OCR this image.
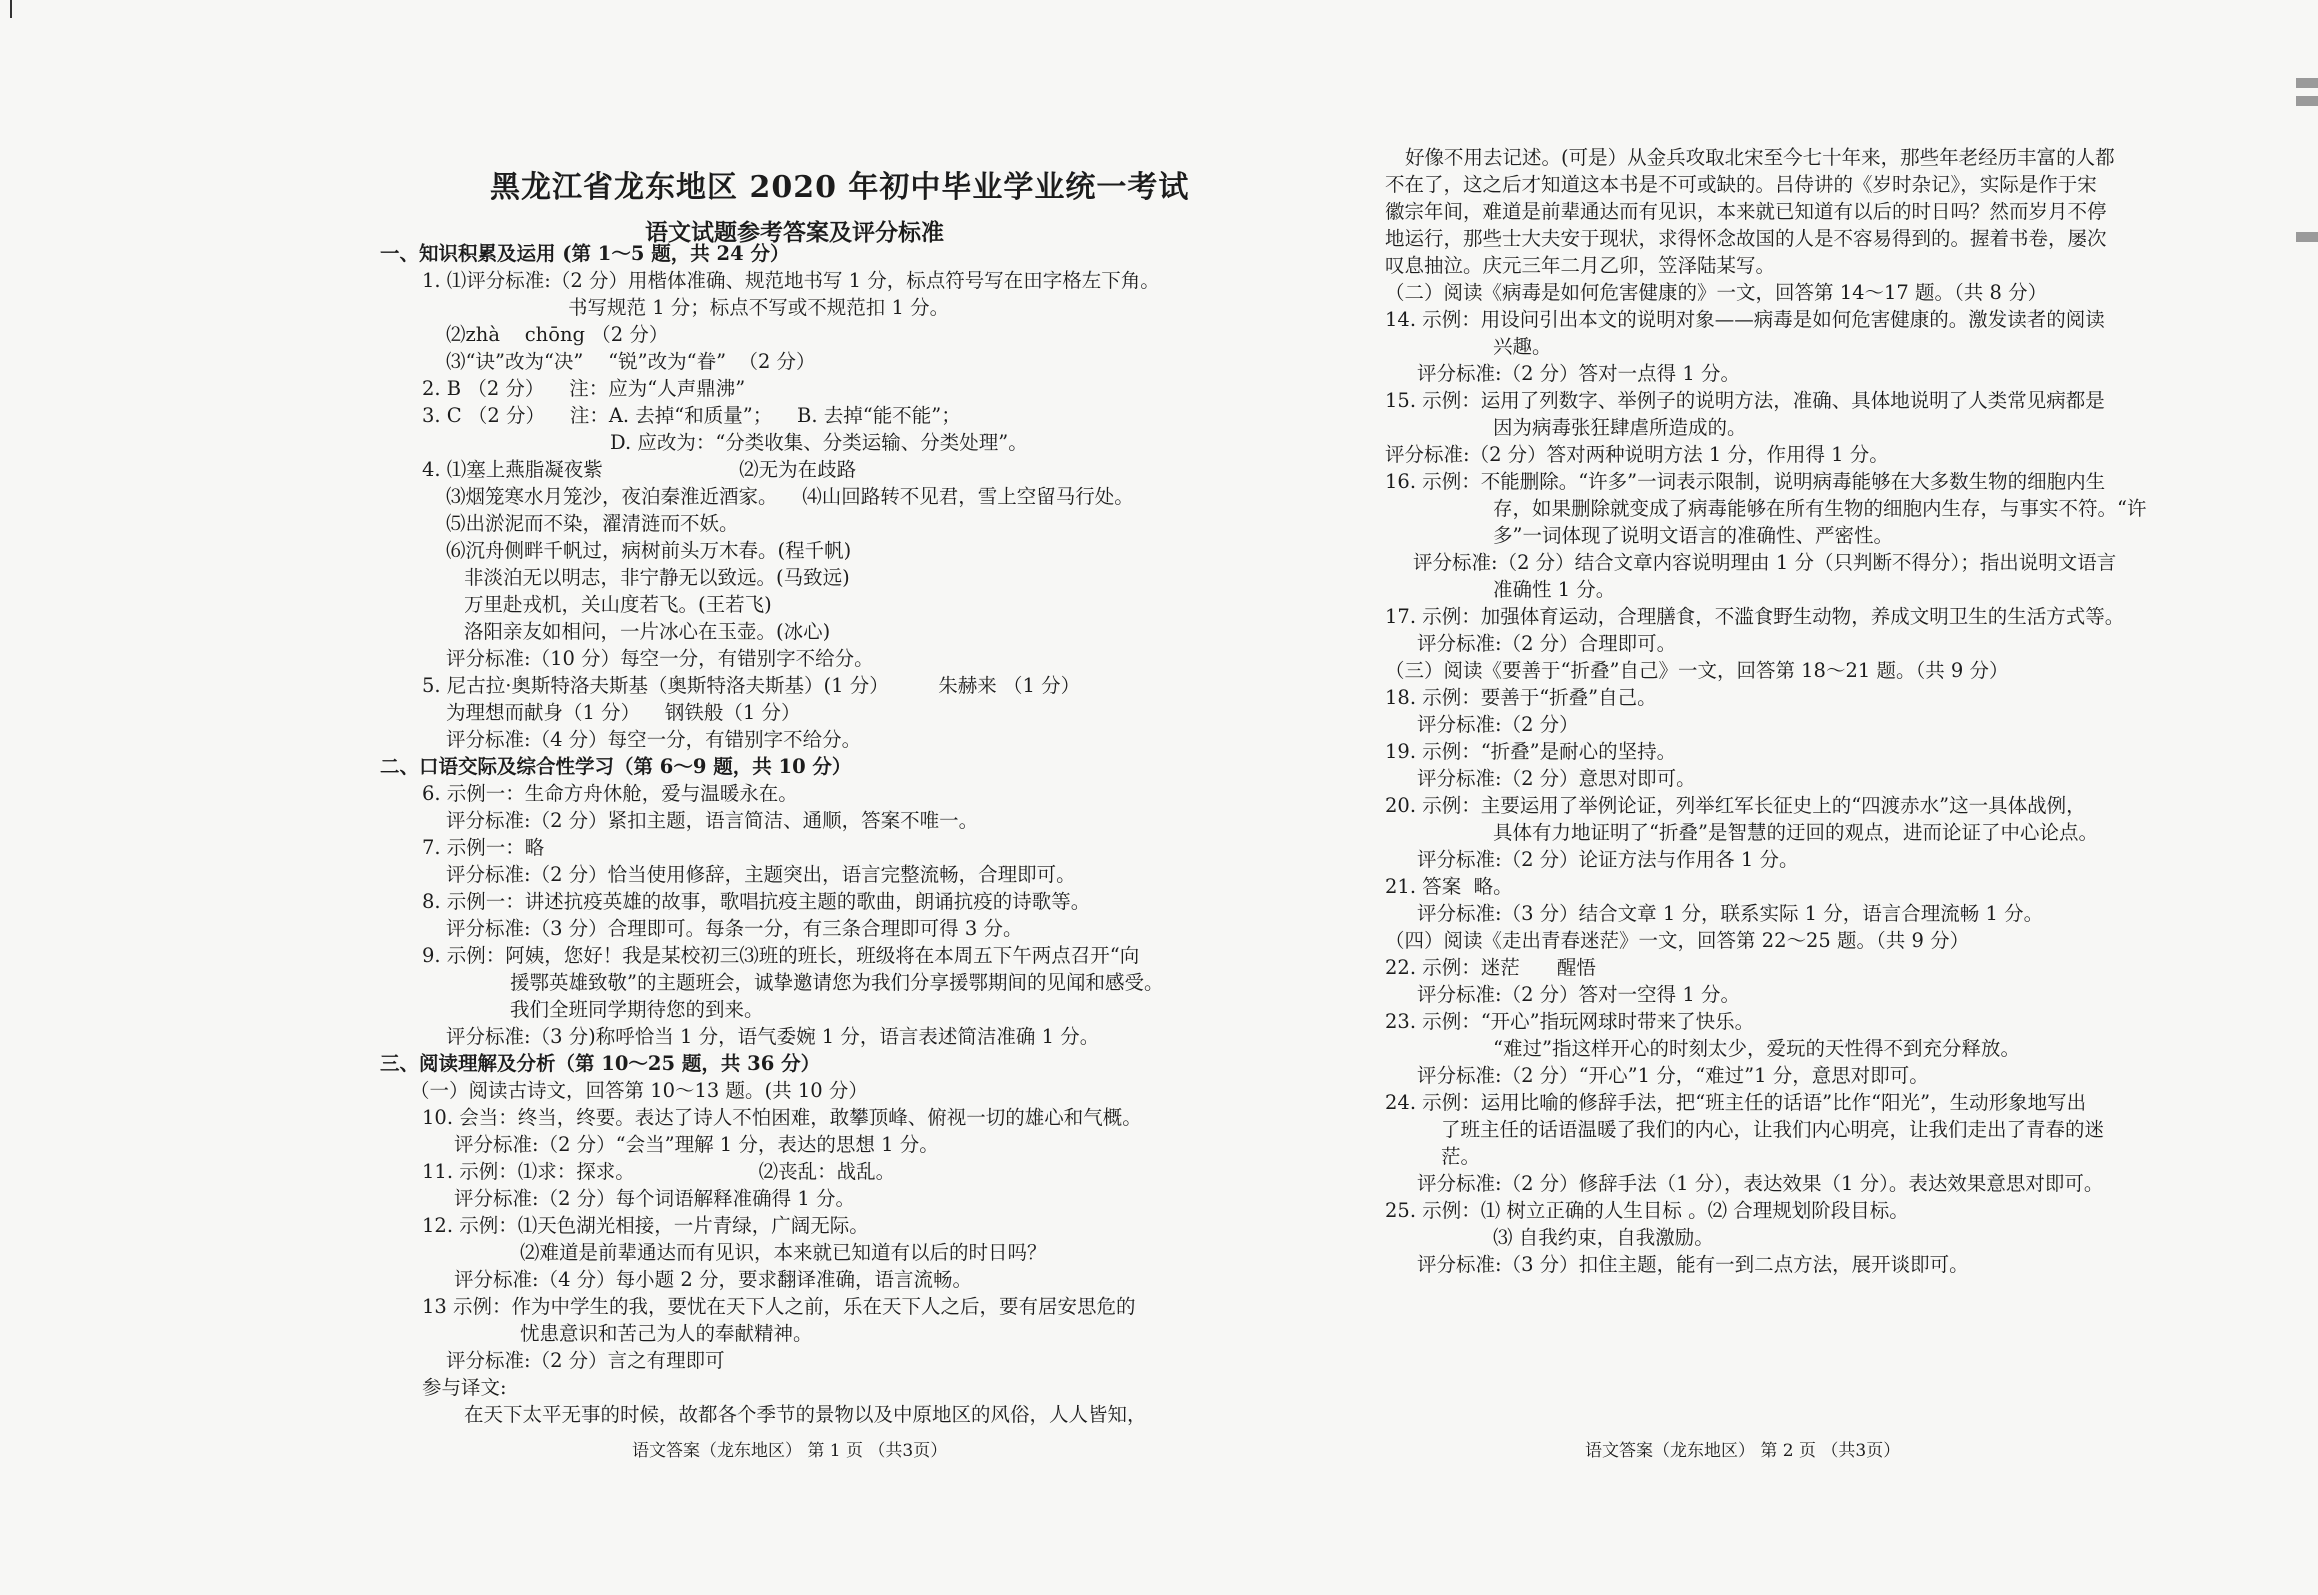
黑龙江省龙东地区 2020 年初中毕业学业统一考试
语文试题参考答案及评分标准
一、知识积累及运用 (第 1～5 题，共 24 分）
1. ⑴评分标准:（2 分）用楷体准确、规范地书写 1 分，标点符号写在田字格左下角。
书写规范 1 分；标点不写或不规范扣 1 分。
⑵zhà    chōng （2 分）
⑶“诀”改为“决”    “锐”改为“眷”  （2 分）
2. B （2 分）    注：应为“人声鼎沸”
3. C （2 分）    注：A. 去掉“和质量”；    B. 去掉“能不能”；
D. 应改为：“分类收集、分类运输、分类处理”。
4. ⑴塞上燕脂凝夜紫                      ⑵无为在歧路
⑶烟笼寒水月笼沙，夜泊秦淮近酒家。    ⑷山回路转不见君，雪上空留马行处。
⑸出淤泥而不染，濯清涟而不妖。
⑹沉舟侧畔千帆过，病树前头万木春。(程千帆)
非淡泊无以明志，非宁静无以致远。(马致远)
万里赴戎机，关山度若飞。(王若飞)
洛阳亲友如相问，一片冰心在玉壶。(冰心)
评分标准:（10 分）每空一分，有错别字不给分。
5. 尼古拉·奥斯特洛夫斯基（奥斯特洛夫斯基）(1 分）        朱赫来 （1 分）
为理想而献身（1 分）    钢铁般（1 分）
评分标准:（4 分）每空一分，有错别字不给分。
二、口语交际及综合性学习（第 6～9 题，共 10 分）
6. 示例一：生命方舟休舱，爱与温暖永在。
评分标准:（2 分）紧扣主题，语言简洁、通顺，答案不唯一。
7. 示例一：略
评分标准:（2 分）恰当使用修辞，主题突出，语言完整流畅，合理即可。
8. 示例一：讲述抗疫英雄的故事，歌唱抗疫主题的歌曲，朗诵抗疫的诗歌等。
评分标准:（3 分）合理即可。每条一分，有三条合理即可得 3 分。
9. 示例：阿姨，您好！我是某校初三⑶班的班长，班级将在本周五下午两点召开“向
援鄂英雄致敬”的主题班会，诚挚邀请您为我们分享援鄂期间的见闻和感受。
我们全班同学期待您的到来。
评分标准:（3 分)称呼恰当 1 分，语气委婉 1 分，语言表述简洁准确 1 分。
三、阅读理解及分析（第 10～25 题，共 36 分）
（一）阅读古诗文，回答第 10～13 题。(共 10 分）
10. 会当：终当，终要。表达了诗人不怕困难，敢攀顶峰、俯视一切的雄心和气概。
评分标准:（2 分）“会当”理解 1 分，表达的思想 1 分。
11. 示例：⑴求：探求。                    ⑵丧乱：战乱。
评分标准:（2 分）每个词语解释准确得 1 分。
12. 示例：⑴天色湖光相接，一片青绿，广阔无际。
⑵难道是前辈通达而有见识，本来就已知道有以后的时日吗？
评分标准:（4 分）每小题 2 分，要求翻译准确，语言流畅。
13 示例：作为中学生的我，要忧在天下人之前，乐在天下人之后，要有居安思危的
忧患意识和苦己为人的奉献精神。
评分标准:（2 分）言之有理即可
参与译文:
在天下太平无事的时候，故都各个季节的景物以及中原地区的风俗，人人皆知，
语文答案（龙东地区） 第 1 页 （共3页）
好像不用去记述。(可是）从金兵攻取北宋至今七十年来，那些年老经历丰富的人都
不在了，这之后才知道这本书是不可或缺的。吕侍讲的《岁时杂记》，实际是作于宋
徽宗年间，难道是前辈通达而有见识，本来就已知道有以后的时日吗？然而岁月不停
地运行，那些士大夫安于现状，求得怀念故国的人是不容易得到的。握着书卷，屡次
叹息抽泣。庆元三年二月乙卯，笠泽陆某写。
（二）阅读《病毒是如何危害健康的》一文，回答第 14～17 题。（共 8 分）
14. 示例：用设问引出本文的说明对象——病毒是如何危害健康的。激发读者的阅读
兴趣。
评分标准:（2 分）答对一点得 1 分。
15. 示例：运用了列数字、举例子的说明方法，准确、具体地说明了人类常见病都是
因为病毒张狂肆虐所造成的。
评分标准:（2 分）答对两种说明方法 1 分，作用得 1 分。
16. 示例：不能删除。“许多”一词表示限制，说明病毒能够在大多数生物的细胞内生
存，如果删除就变成了病毒能够在所有生物的细胞内生存，与事实不符。“许
多”一词体现了说明文语言的准确性、严密性。
评分标准:（2 分）结合文章内容说明理由 1 分（只判断不得分）；指出说明文语言
准确性 1 分。
17. 示例：加强体育运动，合理膳食，不滥食野生动物，养成文明卫生的生活方式等。
评分标准:（2 分）合理即可。
（三）阅读《要善于“折叠”自己》一文，回答第 18～21 题。（共 9 分）
18. 示例：要善于“折叠”自己。
评分标准:（2 分）
19. 示例：“折叠”是耐心的坚持。
评分标准:（2 分）意思对即可。
20. 示例：主要运用了举例论证，列举红军长征史上的“四渡赤水”这一具体战例，
具体有力地证明了“折叠”是智慧的迂回的观点，进而论证了中心论点。
评分标准:（2 分）论证方法与作用各 1 分。
21. 答案  略。
评分标准:（3 分）结合文章 1 分，联系实际 1 分，语言合理流畅 1 分。
（四）阅读《走出青春迷茫》一文，回答第 22～25 题。（共 9 分）
22. 示例：迷茫      醒悟
评分标准:（2 分）答对一空得 1 分。
23. 示例：“开心”指玩网球时带来了快乐。
“难过”指这样开心的时刻太少，爱玩的天性得不到充分释放。
评分标准:（2 分）“开心”1 分，“难过”1 分，意思对即可。
24. 示例：运用比喻的修辞手法，把“班主任的话语”比作“阳光”，生动形象地写出
了班主任的话语温暖了我们的内心，让我们内心明亮，让我们走出了青春的迷
茫。
评分标准:（2 分）修辞手法（1 分），表达效果（1 分）。表达效果意思对即可。
25. 示例：⑴ 树立正确的人生目标 。⑵ 合理规划阶段目标。
⑶ 自我约束，自我激励。
评分标准:（3 分）扣住主题，能有一到二点方法，展开谈即可。
语文答案（龙东地区） 第 2 页 （共3页）
